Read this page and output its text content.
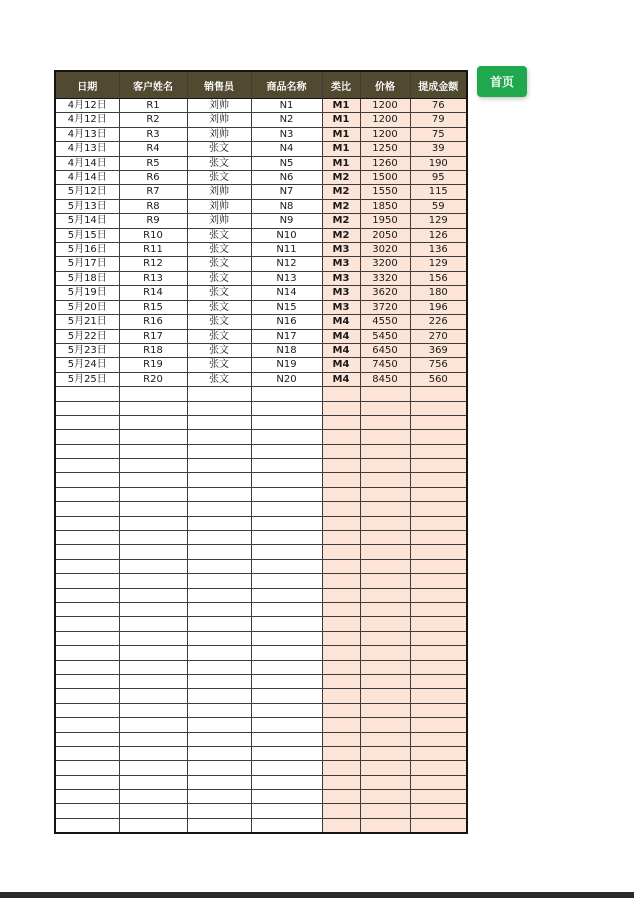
日期	客户姓名	销售员	商品名称	类比	价格	提成金额
4月12日	R1	刘帅	N1	M1	1200	76
4月12日	R2	刘帅	N2	M1	1200	79
4月13日	R3	刘帅	N3	M1	1200	75
4月13日	R4	张文	N4	M1	1250	39
4月14日	R5	张文	N5	M1	1260	190
4月14日	R6	张文	N6	M2	1500	95
5月12日	R7	刘帅	N7	M2	1550	115
5月13日	R8	刘帅	N8	M2	1850	59
5月14日	R9	刘帅	N9	M2	1950	129
5月15日	R10	张文	N10	M2	2050	126
5月16日	R11	张文	N11	M3	3020	136
5月17日	R12	张文	N12	M3	3200	129
5月18日	R13	张文	N13	M3	3320	156
5月19日	R14	张文	N14	M3	3620	180
5月20日	R15	张文	N15	M3	3720	196
5月21日	R16	张文	N16	M4	4550	226
5月22日	R17	张文	N17	M4	5450	270
5月23日	R18	张文	N18	M4	6450	369
5月24日	R19	张文	N19	M4	7450	756
5月25日	R20	张文	N20	M4	8450	560

首页
